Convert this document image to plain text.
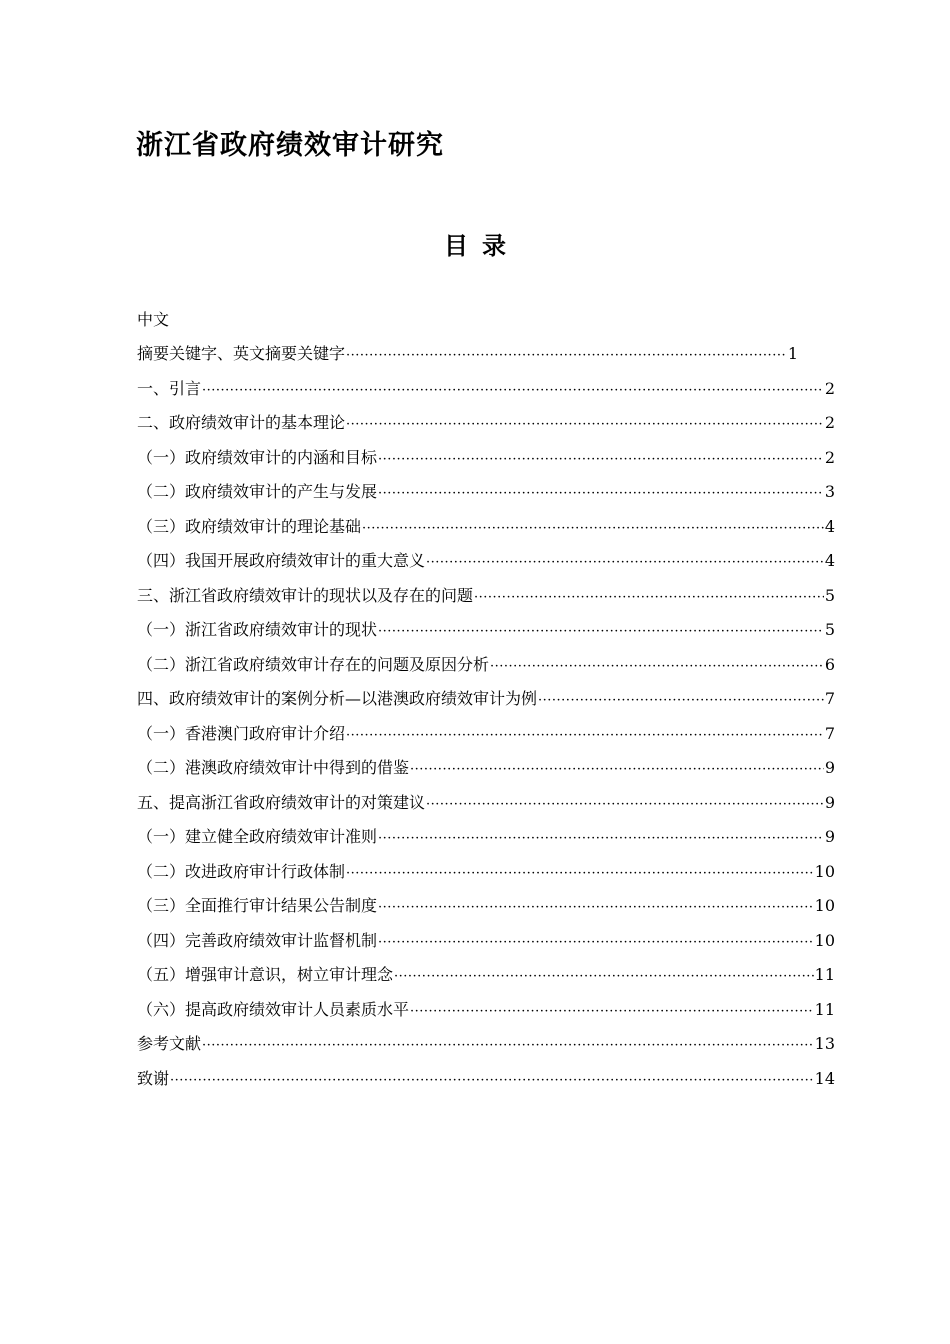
浙江省政府绩效审计研究
目 录
中文
摘要关键字、英文摘要关键字 ·····	1
一、引言 ·····	2
二、政府绩效审计的基本理论 ·····	2
（一）政府绩效审计的内涵和目标 ·····	2
（二）政府绩效审计的产生与发展 ·····	3
（三）政府绩效审计的理论基础 ·····	4
（四）我国开展政府绩效审计的重大意义 ·····	4
三、浙江省政府绩效审计的现状以及存在的问题 ·····	5
（一）浙江省政府绩效审计的现状 ·····	5
（二）浙江省政府绩效审计存在的问题及原因分析 ·····	6
四、政府绩效审计的案例分析—以港澳政府绩效审计为例 ·····	7
（一）香港澳门政府审计介绍 ·····	7
（二）港澳政府绩效审计中得到的借鉴 ·····	9
五、提高浙江省政府绩效审计的对策建议 ·····	9
（一）建立健全政府绩效审计准则 ·····	9
（二）改进政府审计行政体制 ·····	10
（三）全面推行审计结果公告制度 ·····	10
（四）完善政府绩效审计监督机制 ·····	10
（五）增强审计意识，树立审计理念 ·····	11
（六）提高政府绩效审计人员素质水平 ·····	11
参考文献 ·····	13
致谢 ·····	14
